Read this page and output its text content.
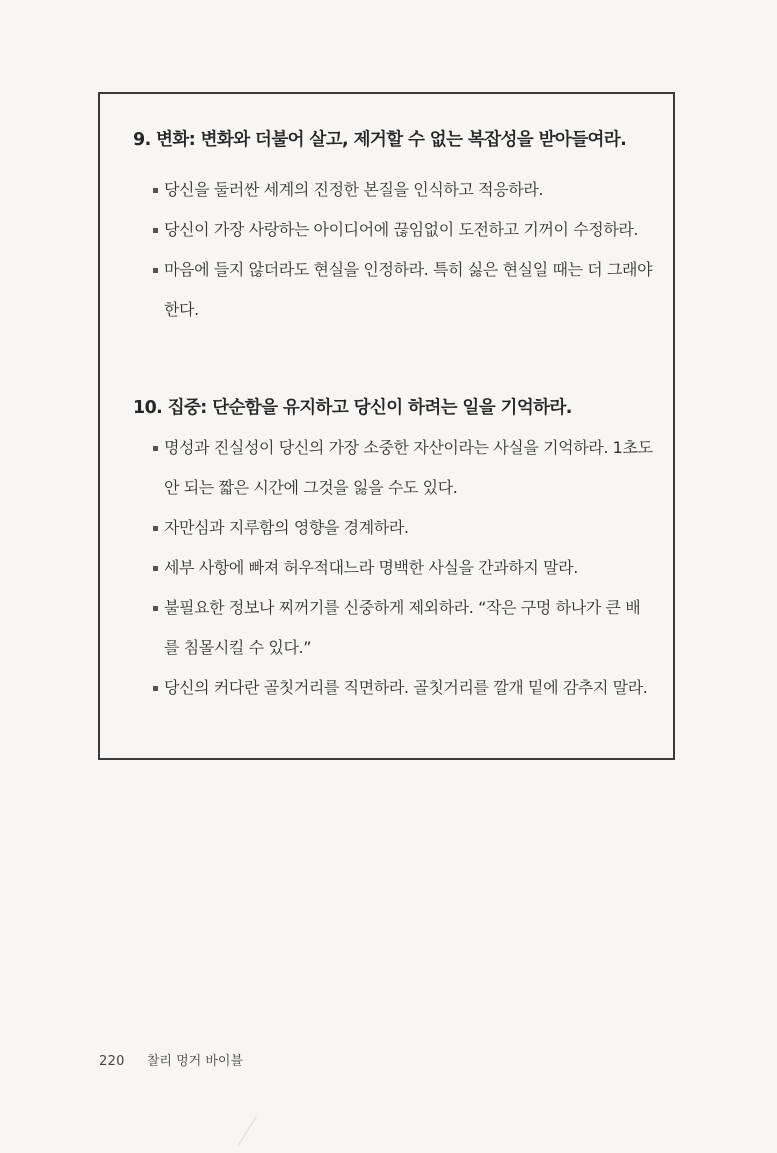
9. 변화: 변화와 더불어 살고, 제거할 수 없는 복잡성을 받아들여라.
당신을 둘러싼 세계의 진정한 본질을 인식하고 적응하라.
당신이 가장 사랑하는 아이디어에 끊임없이 도전하고 기꺼이 수정하라.
마음에 들지 않더라도 현실을 인정하라. 특히 싫은 현실일 때는 더 그래야 한다.
10. 집중: 단순함을 유지하고 당신이 하려는 일을 기억하라.
명성과 진실성이 당신의 가장 소중한 자산이라는 사실을 기억하라. 1초도 안 되는 짧은 시간에 그것을 잃을 수도 있다.
자만심과 지루함의 영향을 경계하라.
세부 사항에 빠져 허우적대느라 명백한 사실을 간과하지 말라.
불필요한 정보나 찌꺼기를 신중하게 제외하라. “작은 구멍 하나가 큰 배를 침몰시킬 수 있다.”
당신의 커다란 골칫거리를 직면하라. 골칫거리를 깔개 밑에 감추지 말라.
220 찰리 멍거 바이블
